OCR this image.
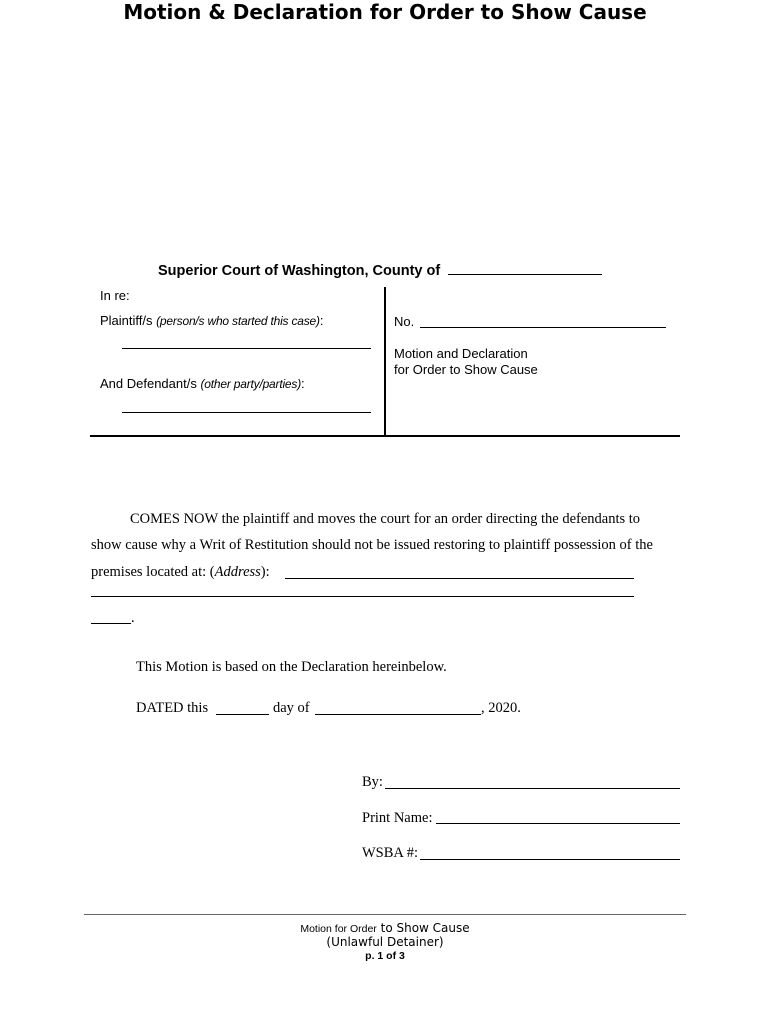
Superior Court of Washington, County of
In re:
Plaintiff/s (person/s who started this case):
And Defendant/s (other party/parties):
No.
Motion and Declaration
for Order to Show Cause
Motion & Declaration for Order to Show Cause
COMES NOW the plaintiff and moves the court for an order directing the defendants to
show cause why a Writ of Restitution should not be issued restoring to plaintiff possession of the
premises located at: (Address):
.
This Motion is based on the Declaration hereinbelow.
DATED this	day of	, 2020.
By:
Print Name:
WSBA #:
Motion for Order to Show Cause
(Unlawful Detainer)
p. 1 of 3
